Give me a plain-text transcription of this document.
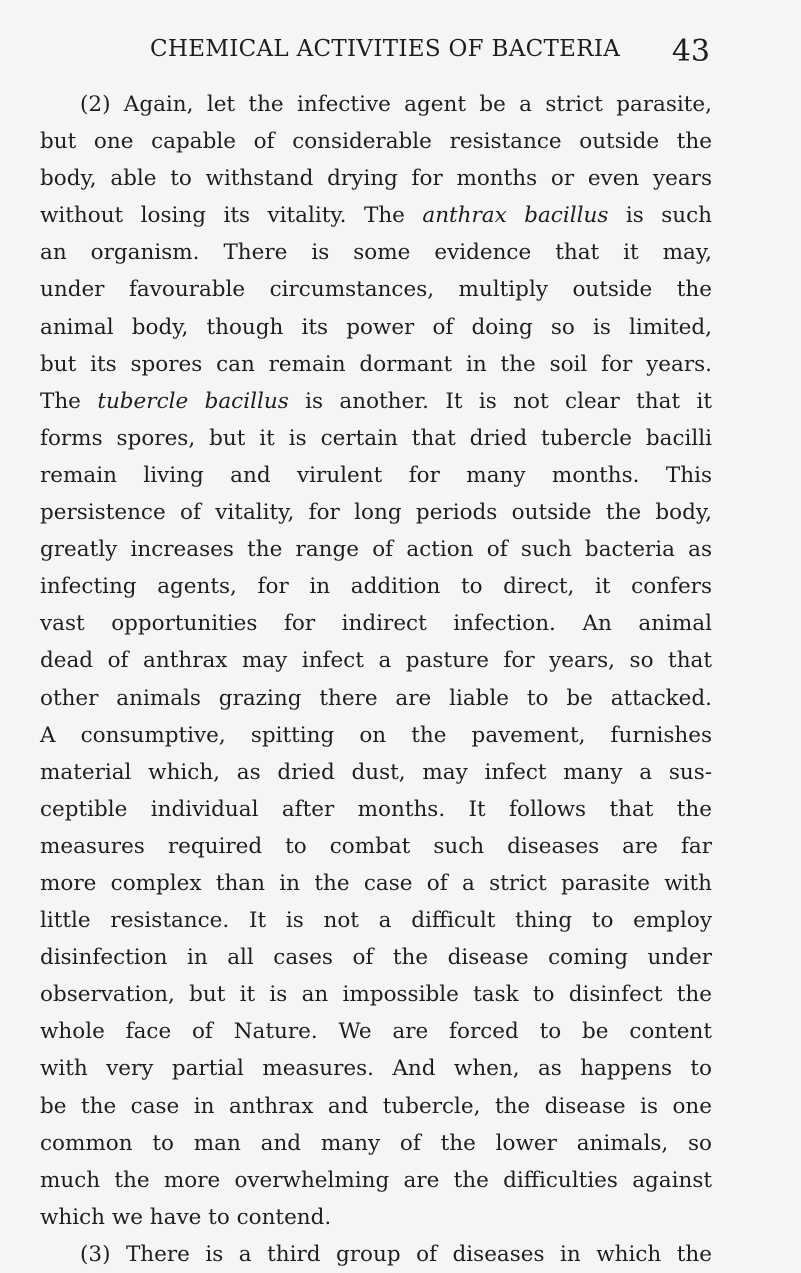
CHEMICAL ACTIVITIES OF BACTERIA 43
(2) Again, let the infective agent be a strict parasite,
but one capable of considerable resistance outside the
body, able to withstand drying for months or even years
without losing its vitality. The anthrax bacillus is such
an organism. There is some evidence that it may,
under favourable circumstances, multiply outside the
animal body, though its power of doing so is limited,
but its spores can remain dormant in the soil for years.
The tubercle bacillus is another. It is not clear that it
forms spores, but it is certain that dried tubercle bacilli
remain living and virulent for many months. This
persistence of vitality, for long periods outside the body,
greatly increases the range of action of such bacteria as
infecting agents, for in addition to direct, it confers
vast opportunities for indirect infection. An animal
dead of anthrax may infect a pasture for years, so that
other animals grazing there are liable to be attacked.
A consumptive, spitting on the pavement, furnishes
material which, as dried dust, may infect many a sus-
ceptible individual after months. It follows that the
measures required to combat such diseases are far
more complex than in the case of a strict parasite with
little resistance. It is not a difficult thing to employ
disinfection in all cases of the disease coming under
observation, but it is an impossible task to disinfect the
whole face of Nature. We are forced to be content
with very partial measures. And when, as happens to
be the case in anthrax and tubercle, the disease is one
common to man and many of the lower animals, so
much the more overwhelming are the difficulties against
which we have to contend.
(3) There is a third group of diseases in which the
